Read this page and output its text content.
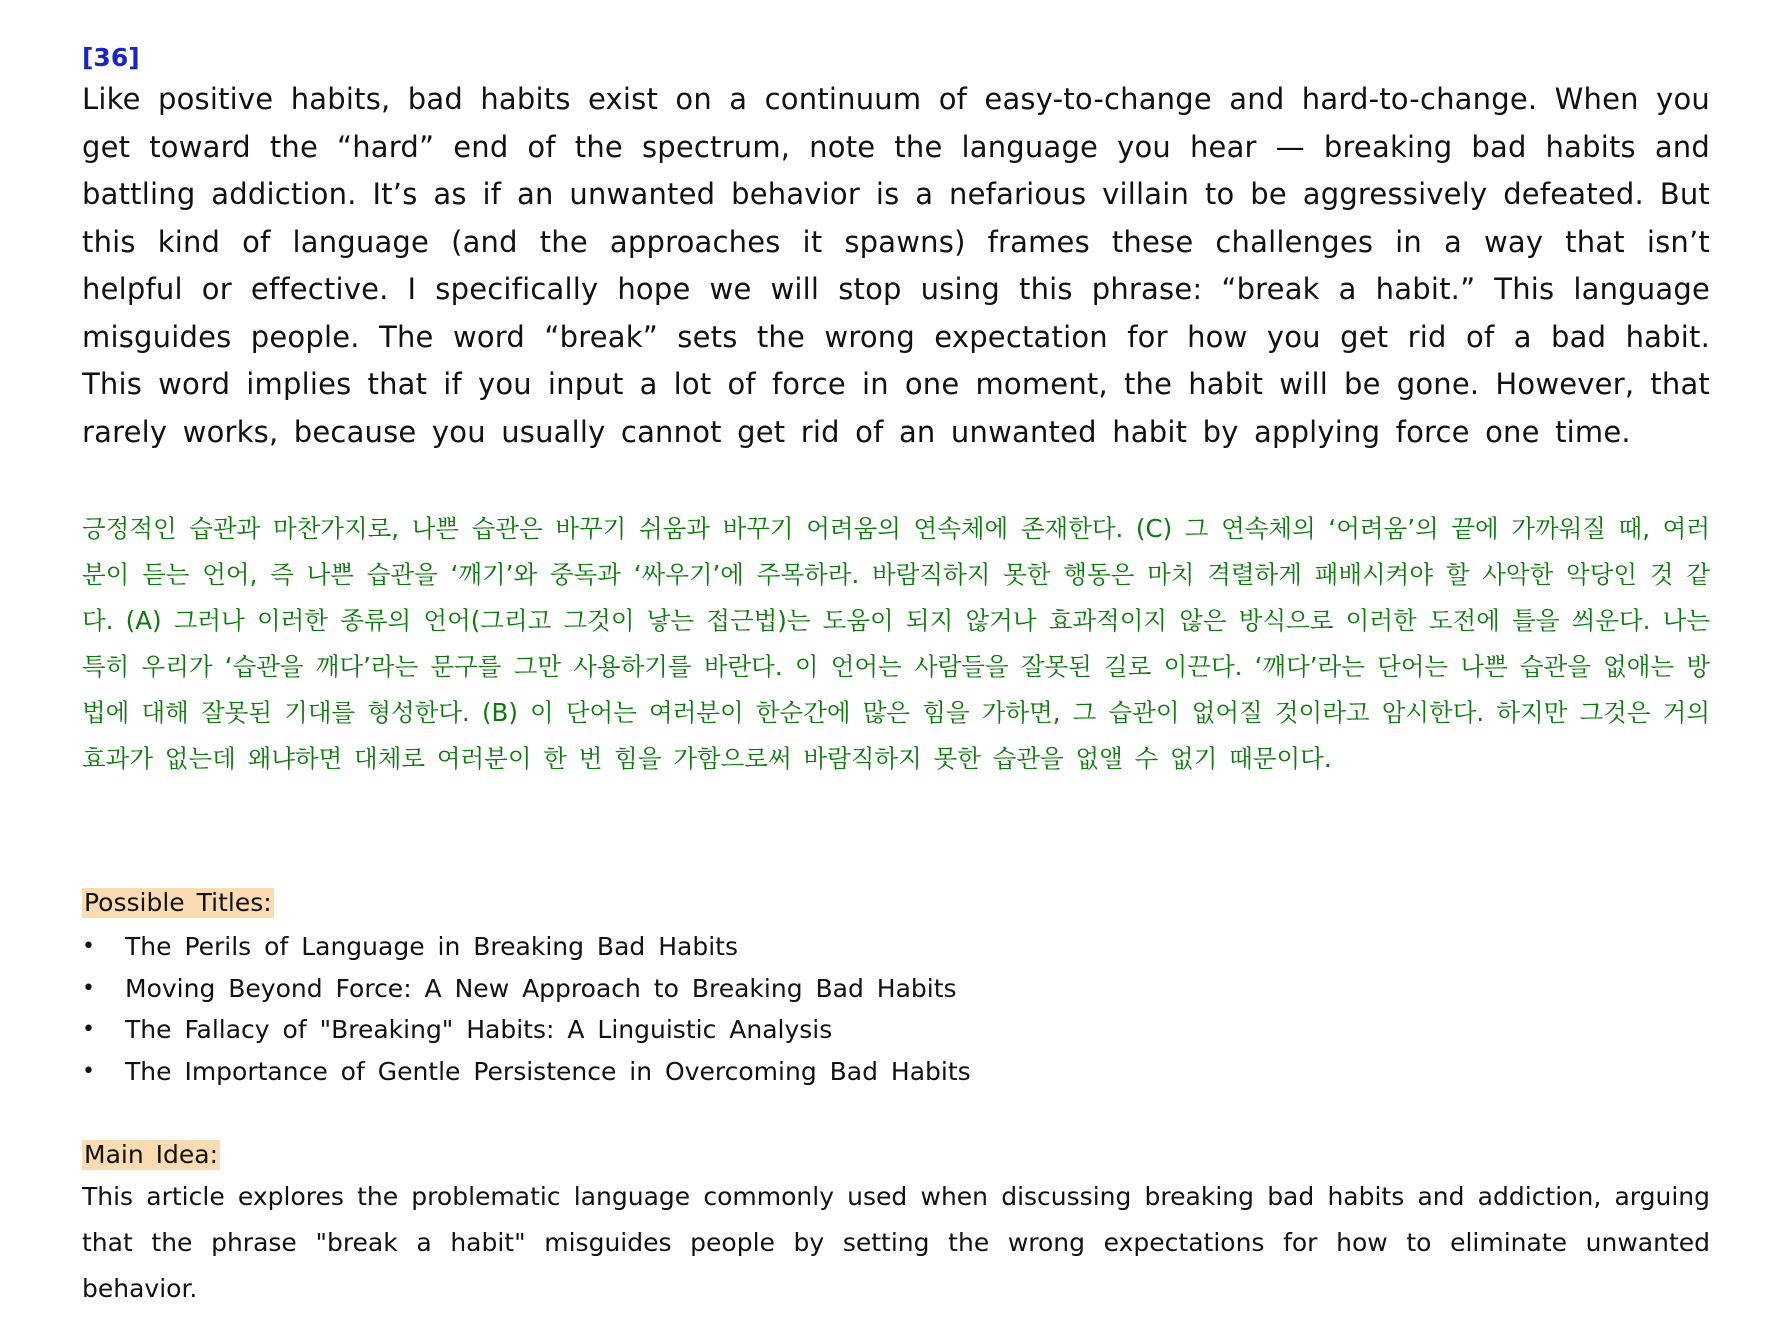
[36]

Like positive habits, bad habits exist on a continuum of easy-to-change and hard-to-change. When you get toward the “hard” end of the spectrum, note the language you hear — breaking bad habits and battling addiction. It’s as if an unwanted behavior is a nefarious villain to be aggressively defeated. But this kind of language (and the approaches it spawns) frames these challenges in a way that isn’t helpful or effective. I specifically hope we will stop using this phrase: “break a habit.” This language misguides people. The word “break” sets the wrong expectation for how you get rid of a bad habit. This word implies that if you input a lot of force in one moment, the habit will be gone. However, that rarely works, because you usually cannot get rid of an unwanted habit by applying force one time.

긍정적인 습관과 마찬가지로, 나쁜 습관은 바꾸기 쉬움과 바꾸기 어려움의 연속체에 존재한다. (C) 그 연속체의 ‘어려움’의 끝에 가까워질 때, 여러분이 듣는 언어, 즉 나쁜 습관을 ‘깨기’와 중독과 ‘싸우기’에 주목하라. 바람직하지 못한 행동은 마치 격렬하게 패배시켜야 할 사악한 악당인 것 같다. (A) 그러나 이러한 종류의 언어(그리고 그것이 낳는 접근법)는 도움이 되지 않거나 효과적이지 않은 방식으로 이러한 도전에 틀을 씌운다. 나는 특히 우리가 ‘습관을 깨다’라는 문구를 그만 사용하기를 바란다. 이 언어는 사람들을 잘못된 길로 이끈다. ‘깨다’라는 단어는 나쁜 습관을 없애는 방법에 대해 잘못된 기대를 형성한다. (B) 이 단어는 여러분이 한순간에 많은 힘을 가하면, 그 습관이 없어질 것이라고 암시한다. 하지만 그것은 거의 효과가 없는데 왜냐하면 대체로 여러분이 한 번 힘을 가함으로써 바람직하지 못한 습관을 없앨 수 없기 때문이다.

Possible Titles:
• The Perils of Language in Breaking Bad Habits
• Moving Beyond Force: A New Approach to Breaking Bad Habits
• The Fallacy of "Breaking" Habits: A Linguistic Analysis
• The Importance of Gentle Persistence in Overcoming Bad Habits
Main Idea:

This article explores the problematic language commonly used when discussing breaking bad habits and addiction, arguing that the phrase "break a habit" misguides people by setting the wrong expectations for how to eliminate unwanted behavior.
